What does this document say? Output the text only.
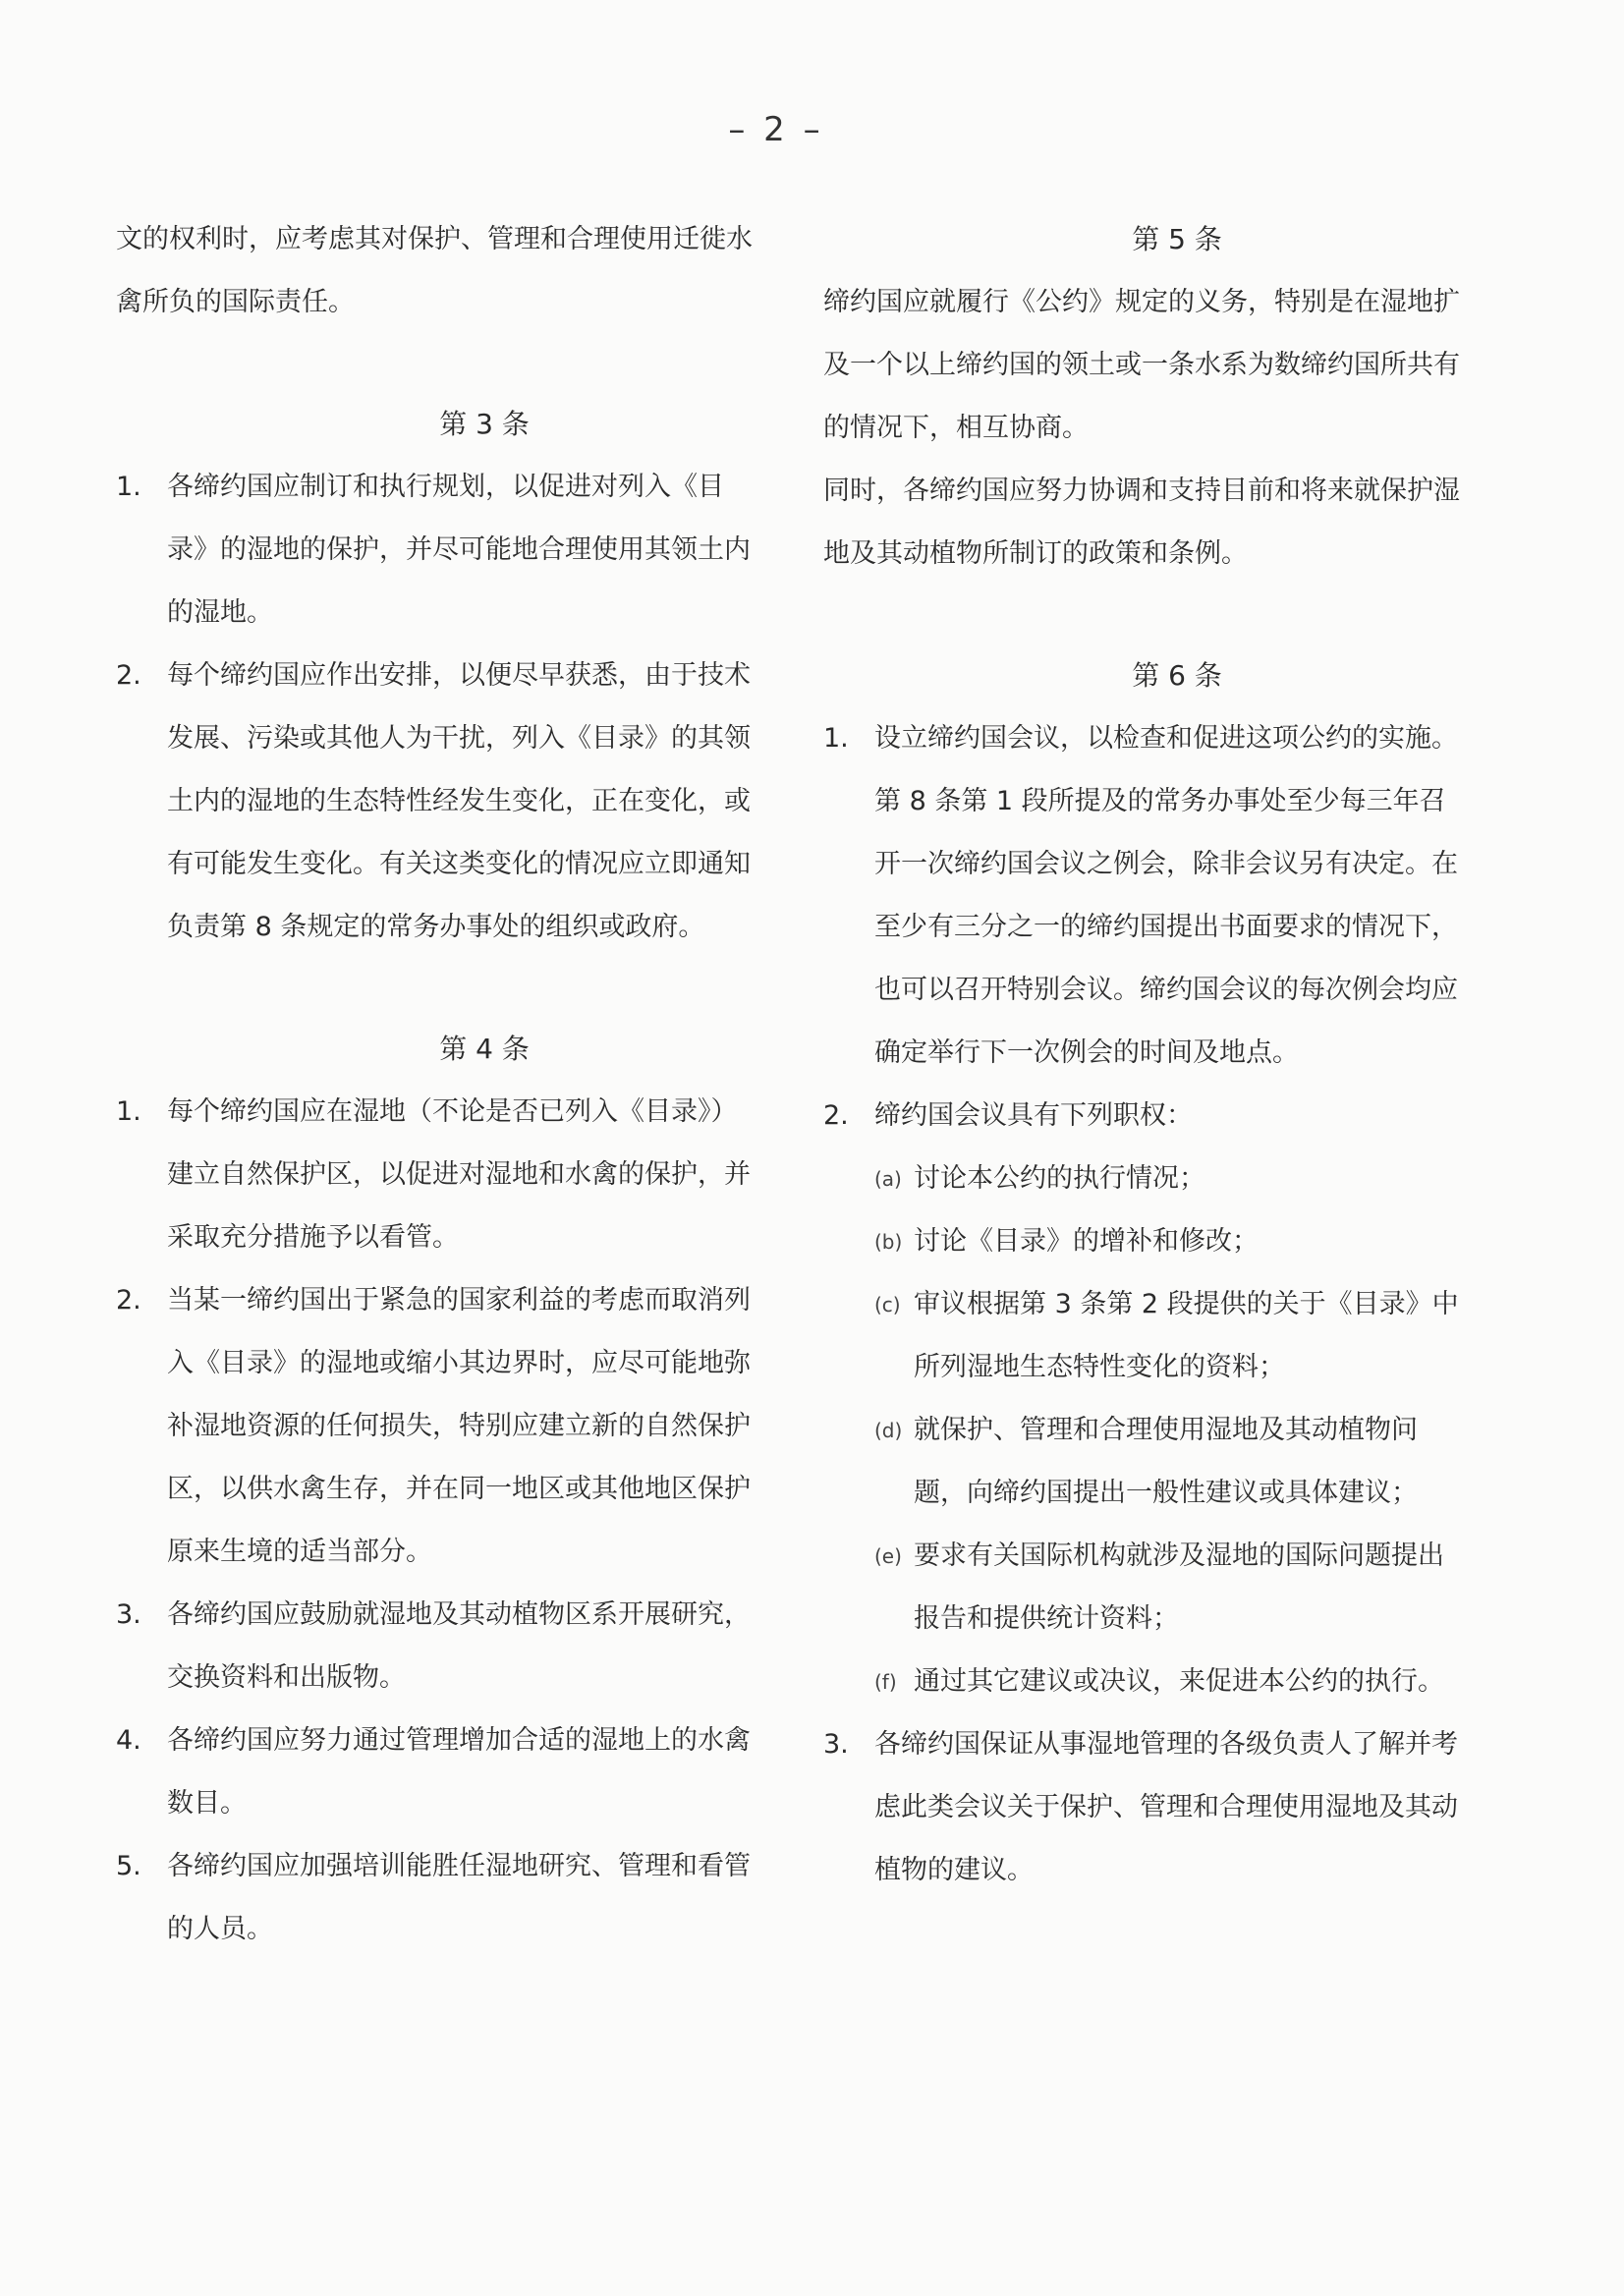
– 2 –

文的权利时，应考虑其对保护、管理和合理使用迁徙水禽所负的国际责任。

第 3 条

1. 各缔约国应制订和执行规划，以促进对列入《目录》的湿地的保护，并尽可能地合理使用其领土内的湿地。
2. 每个缔约国应作出安排，以便尽早获悉，由于技术发展、污染或其他人为干扰，列入《目录》的其领土内的湿地的生态特性经发生变化，正在变化，或有可能发生变化。有关这类变化的情况应立即通知负责第 8 条规定的常务办事处的组织或政府。

第 4 条

1. 每个缔约国应在湿地（不论是否已列入《目录》）建立自然保护区，以促进对湿地和水禽的保护，并采取充分措施予以看管。
2. 当某一缔约国出于紧急的国家利益的考虑而取消列入《目录》的湿地或缩小其边界时，应尽可能地弥补湿地资源的任何损失，特别应建立新的自然保护区，以供水禽生存，并在同一地区或其他地区保护原来生境的适当部分。
3. 各缔约国应鼓励就湿地及其动植物区系开展研究，交换资料和出版物。
4. 各缔约国应努力通过管理增加合适的湿地上的水禽数目。
5. 各缔约国应加强培训能胜任湿地研究、管理和看管的人员。

第 5 条

缔约国应就履行《公约》规定的义务，特别是在湿地扩及一个以上缔约国的领土或一条水系为数缔约国所共有的情况下，相互协商。

同时，各缔约国应努力协调和支持目前和将来就保护湿地及其动植物所制订的政策和条例。

第 6 条

1. 设立缔约国会议，以检查和促进这项公约的实施。第 8 条第 1 段所提及的常务办事处至少每三年召开一次缔约国会议之例会，除非会议另有决定。在至少有三分之一的缔约国提出书面要求的情况下，也可以召开特别会议。缔约国会议的每次例会均应确定举行下一次例会的时间及地点。
2. 缔约国会议具有下列职权：
(a) 讨论本公约的执行情况；
(b) 讨论《目录》的增补和修改；
(c) 审议根据第 3 条第 2 段提供的关于《目录》中所列湿地生态特性变化的资料；
(d) 就保护、管理和合理使用湿地及其动植物问题，向缔约国提出一般性建议或具体建议；
(e) 要求有关国际机构就涉及湿地的国际问题提出报告和提供统计资料；
(f) 通过其它建议或决议，来促进本公约的执行。
3. 各缔约国保证从事湿地管理的各级负责人了解并考虑此类会议关于保护、管理和合理使用湿地及其动植物的建议。
